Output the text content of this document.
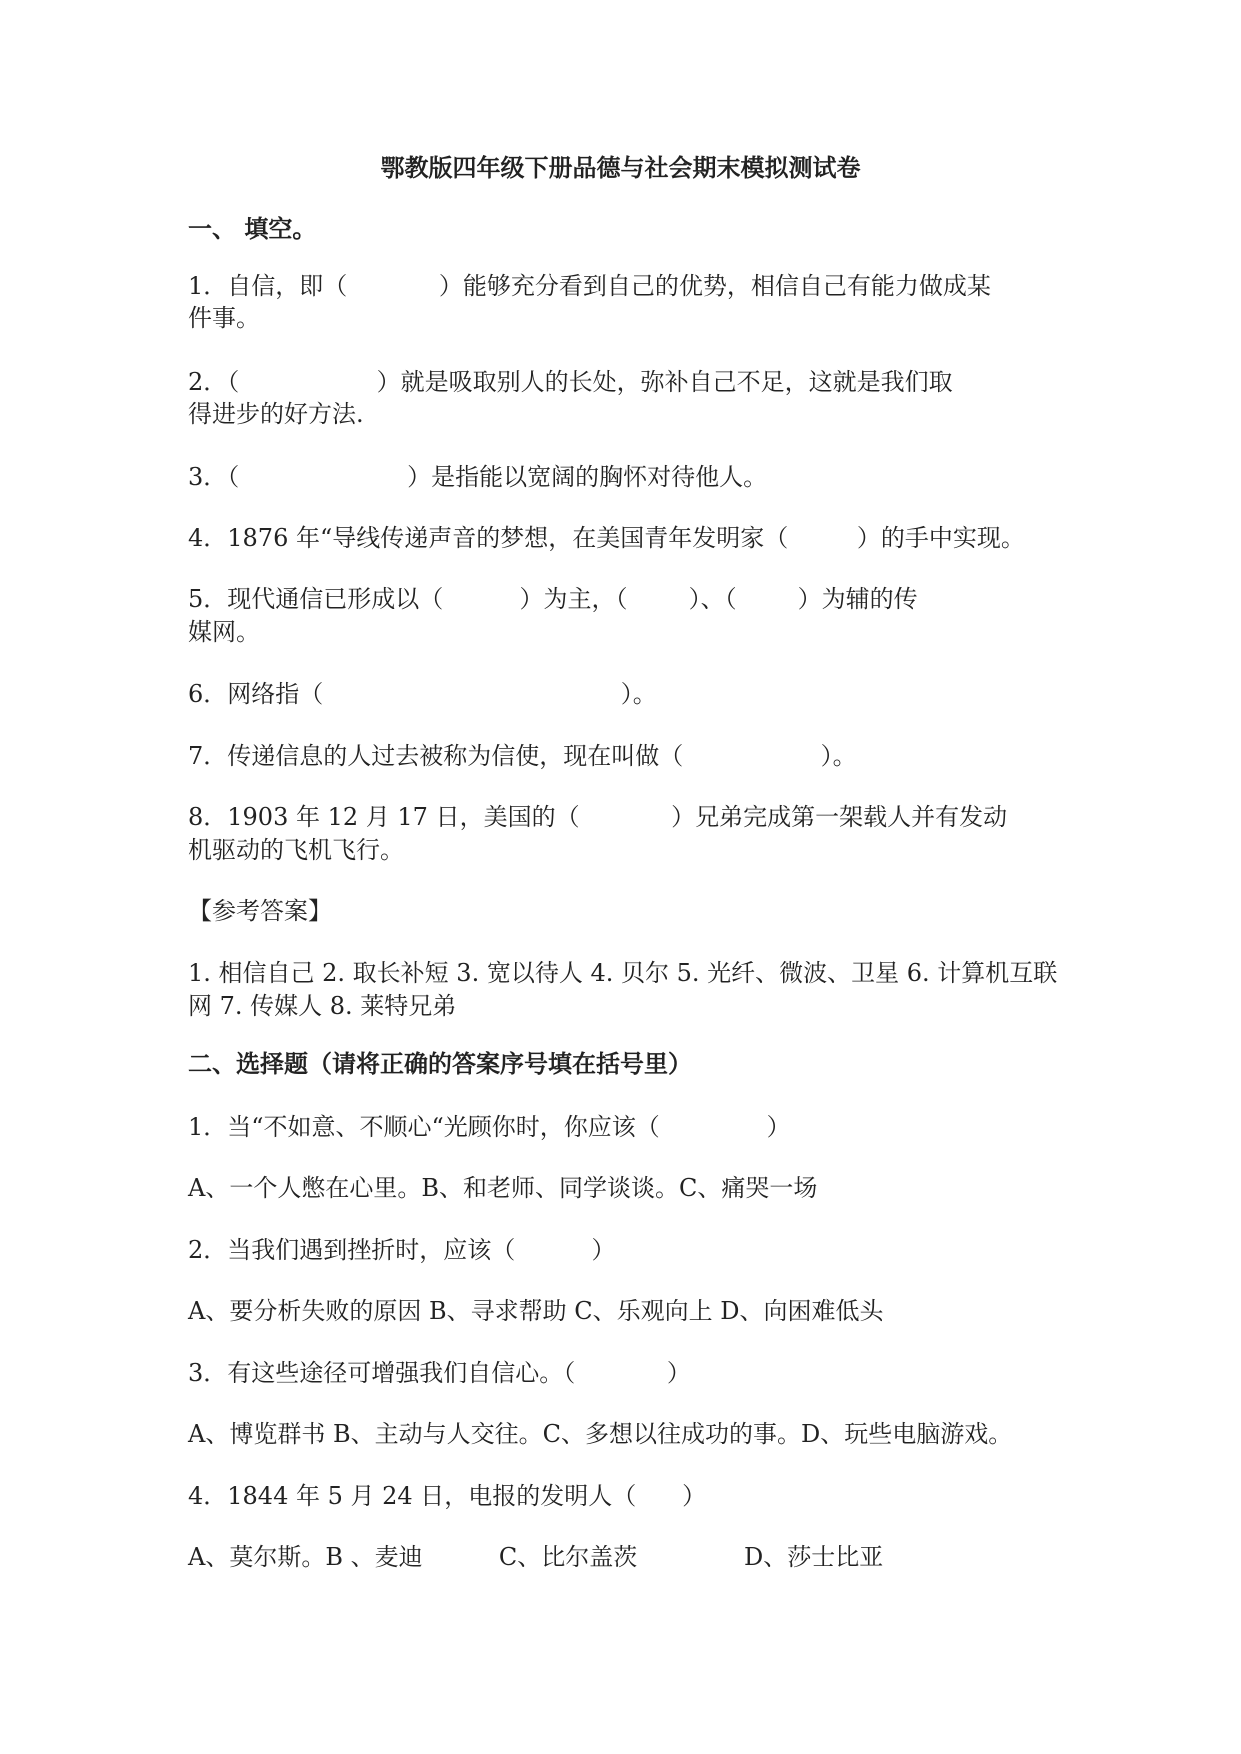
鄂教版四年级下册品德与社会期末模拟测试卷
一、 填空。
1．自信，即（            ）能够充分看到自己的优势，相信自己有能力做成某
件事。
2．（                  ）就是吸取别人的长处，弥补自己不足，这就是我们取
得进步的好方法.
3．（                      ）是指能以宽阔的胸怀对待他人。
4．1876 年“导线传递声音的梦想，在美国青年发明家（         ）的手中实现。
5．现代通信已形成以（          ）为主，（        ）、（        ）为辅的传
媒网。
6．网络指（                                       ）。
7．传递信息的人过去被称为信使，现在叫做（                  ）。
8．1903 年 12 月 17 日，美国的（            ）兄弟完成第一架载人并有发动
机驱动的飞机飞行。
【参考答案】
1. 相信自己 2. 取长补短 3. 宽以待人 4. 贝尔 5. 光纤、微波、卫星 6. 计算机互联
网 7. 传媒人 8. 莱特兄弟
二、选择题（请将正确的答案序号填在括号里）
1．当“不如意、不顺心“光顾你时，你应该（              ）
A、一个人憋在心里。B、和老师、同学谈谈。C、痛哭一场
2．当我们遇到挫折时，应该（          ）
A、要分析失败的原因 B、寻求帮助 C、乐观向上 D、向困难低头
3．有这些途径可增强我们自信心。（            ）
A、博览群书 B、主动与人交往。C、多想以往成功的事。D、玩些电脑游戏。
4．1844 年 5 月 24 日，电报的发明人（      ）
A、莫尔斯。B 、麦迪          C、比尔盖茨              D、莎士比亚
